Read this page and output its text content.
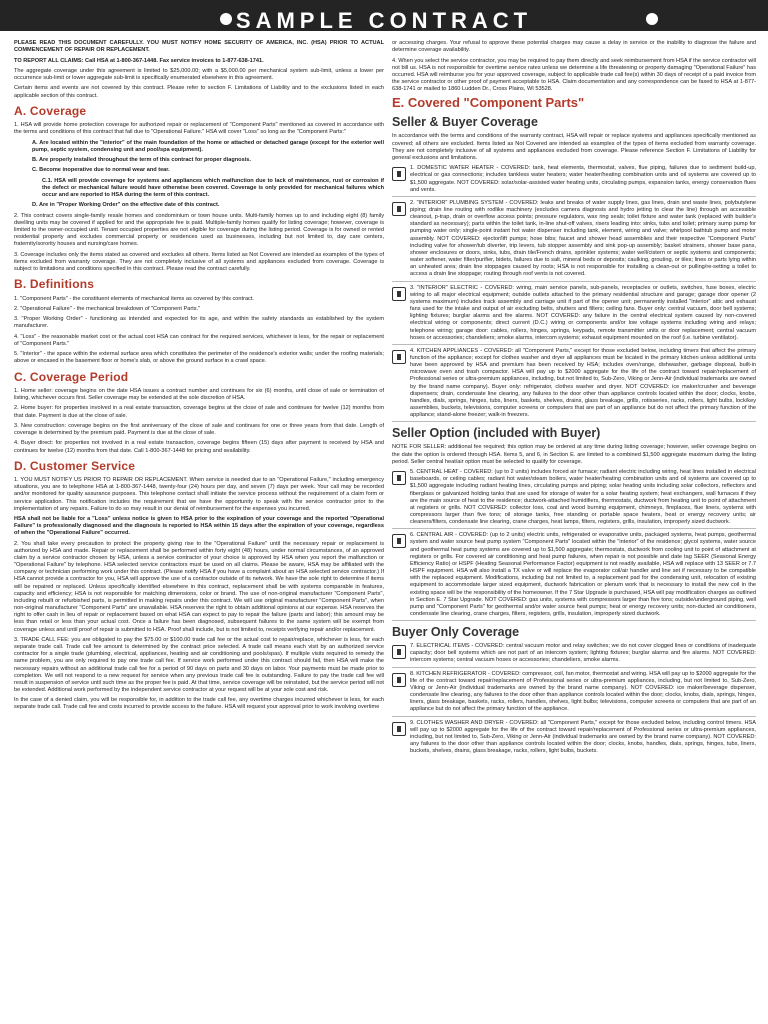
SAMPLE CONTRACT

PLEASE READ THIS DOCUMENT CAREFULLY. YOU MUST NOTIFY HOME SECURITY OF AMERICA, INC. (HSA) PRIOR TO ACTUAL COMMENCEMENT OF REPAIR OR REPLACEMENT.

TO REPORT ALL CLAIMS: Call HSA at 1-800-367-1448. Fax service invoices to 1-877-638-1741.

The aggregate coverage under this agreement is limited to $25,000.00; with a $5,000.00 per mechanical system sub-limit, unless a lower per occurrence sub-limit or lower aggregate sub-limit is specifically enumerated elsewhere in this agreement.

Certain items and events are not covered by this contract. Please refer to section F. Limitations of Liability and to the exclusions listed in each applicable section of this contract.

A. Coverage

1. HSA will provide home protection coverage for authorized repair or replacement of "Component Parts" mentioned as covered in accordance with the terms and conditions of this contract that fail due to "Operational Failure." HSA will cover "Loss" so long as the "Component Parts:"

A. Are located within the "interior" of the main foundation of the home or attached or detached garage (except for the exterior well pump, septic system, condensing unit and pool/spa equipment).

B. Are properly installed throughout the term of this contract for proper diagnosis.

C. Become inoperative due to normal wear and tear.

C.1. HSA will provide coverage for systems and appliances which malfunction due to lack of maintenance, rust or corrosion if the defect or mechanical failure would have otherwise been covered. Coverage is only provided for mechanical failures which occur and are reported to HSA during the term of this contract.

D. Are in "Proper Working Order" on the effective date of this contract.

2. This contract covers single-family resale homes and condominium or town house units. Multi-family homes up to and including eight (8) family dwelling units may be covered if applied for and the appropriate fee is paid. Multiple-family homes qualify for listing coverage; however, coverage is limited to the owner-occupied unit. Tenant occupied properties are not eligible for coverage during the listing period. Coverage is for owned or rented residential property and excludes commercial property or residences used as businesses, including but not limited to, day care centers, fraternity/sorority houses and nursing/care homes.

3. Coverage includes only the items stated as covered and excludes all others. Items listed as Not Covered are intended as examples of the types of items excluded from warranty coverage. They are not completely inclusive of all systems and appliances excluded from coverage. Coverage is subject to limitations and conditions specified in this contract. Please read the contract carefully.

B. Definitions

1. "Component Parts" - the constituent elements of mechanical items as covered by this contract.

2. "Operational Failure" - the mechanical breakdown of "Component Parts."

3. "Proper Working Order" - functioning as intended and expected for its age, and within the safety standards as established by the system manufacturer.

4. "Loss" - the reasonable market cost or the actual cost HSA can contract for the required services, whichever is less, for the repair or replacement of "Component Parts."

5. "Interior" - the space within the external surface area which constitutes the perimeter of the residence's exterior walls; under the roofing materials; above or encased in the basement floor or home's slab, or above the ground surface in a crawl space.

C. Coverage Period

1. Home seller: coverage begins on the date HSA issues a contract number and continues for six (6) months, until close of sale or termination of listing, whichever occurs first. Seller coverage may be extended at the sole discretion of HSA.

2. Home buyer: for properties involved in a real estate transaction, coverage begins at the close of sale and continues for twelve (12) months from that date. Payment is due at the close of sale.

3. New construction: coverage begins on the first anniversary of the close of sale and continues for one or three years from that date. Length of coverage is determined by the premium paid. Payment is due at the close of sale.

4. Buyer direct: for properties not involved in a real estate transaction, coverage begins fifteen (15) days after payment is received by HSA and continues for twelve (12) months from that date. Call 1-800-367-1448 for pricing and availability.

D. Customer Service

1. YOU MUST NOTIFY US PRIOR TO REPAIR OR REPLACEMENT. When service is needed due to an "Operational Failure," including emergency situations, you are to telephone HSA at 1-800-367-1448, twenty-four (24) hours per day, and seven (7) days per week. Your call may be recorded and/or monitored for quality assurance purposes. This telephone contact shall initiate the service process without the requirement of a claim form or service application. This notification includes the requirement that we have the opportunity to speak with the service contractor prior to the implementation of any repairs. Failure to do so may result in our denial of reimbursement for the expenses you incurred.

HSA shall not be liable for a "Loss" unless notice is given to HSA prior to the expiration of your coverage and the reported "Operational Failure" is professionally diagnosed and the diagnosis is reported to HSA within 15 days after the expiration of your coverage, regardless of when the "Operational Failure" occurred.

2. You shall take every precaution to protect the property giving rise to the "Operational Failure" until the necessary repair or replacement is authorized by HSA and made. Repair or replacement shall be performed within forty eight (48) hours, under normal circumstances, of an approved claim by a service contractor chosen by HSA, unless a service contractor of your choice is approved by HSA when you report the malfunction or "Operational Failure" by telephone. HSA selected service contractors must be used on all claims. Please be aware, HSA may be affiliated with the company or technician performing work under this contract. (Please notify HSA if you have a complaint about an HSA selected service contractor.) If HSA cannot provide a contractor for you, HSA will approve the use of a contractor outside of its network. We have the sole right to determine if items will be repaired or replaced. Unless specifically identified elsewhere in this contract, replacement shall be with systems comparable in features, capacity and efficiency; HSA is not responsible for matching dimensions, color or brand. The use of non-original manufacturer "Component Parts", including rebuilt or refurbished parts, is permitted in making repairs under this contract. We will use original manufacturer "Component Parts", when non-original manufacturer "Component Parts" are unavailable. HSA reserves the right to obtain additional opinions at our expense. HSA reserves the right to offer cash in lieu of repair or replacement based on what HSA can expect to pay to repair the failure (parts and labor); this amount may be less than retail or less than your actual cost. Once a failure has been diagnosed, subsequent failures to the same system will be exempt from coverage unless and until proof of repair is submitted to HSA. Proof shall include, but is not limited to, receipts verifying repair and/or replacement.

3. TRADE CALL FEE: you are obligated to pay the $75.00 or $100.00 trade call fee or the actual cost to repair/replace, whichever is less, for each separate trade call. Trade call fee amount is determined by the contract price selected. A trade call means each visit by an authorized service contractor for a single trade (plumbing, electrical, appliances, heating and air conditioning and pools/spas). If multiple visits required to remedy the same problem, you are only required to pay one trade call fee. If service work performed under this contract should fail, then HSA will make the necessary repairs without an additional trade call fee for a period of 90 days on parts and 30 days on labor. Your payments must be made prior to completion. We will not respond to a new request for service when any previous trade call fee is outstanding. Failure to pay the trade call fee will result in suspension of service until such time as the proper fee is paid. At that time, service coverage will be reinstated, but the service period will not be extended. Additional work performed by the independent service contractor at your request will be at your sole cost and risk.

In the case of a denied claim, you will be responsible for, in addition to the trade call fee, any overtime charges incurred whichever is less, for each separate trade call. Trade call fee and costs incurred to provide access to the failure. HSA will request your approval prior to work involving overtime

or accessing charges. Your refusal to approve these potential charges may cause a delay in service or the inability to diagnose the failure and determine coverage availability.

4. When you select the service contractor, you may be required to pay them directly and seek reimbursement from HSA if the service contractor will not bill us. HSA is not responsible for overtime service rates unless we determine a life threatening or property damaging "Operational Failure" has occurred. HSA will reimburse you for your approved coverage, subject to applicable trade call fee(s) within 30 days of receipt of a paid invoice from the service contractor or other proof of payment acceptable to HSA. Claim documentation and any correspondence can be faxed to HSA at 1-877-638-1741 or mailed to 1860 Ludden Dr., Cross Plains, WI 53528.

E. Covered "Component Parts"
Seller & Buyer Coverage

In accordance with the terms and conditions of the warranty contract, HSA will repair or replace systems and appliances specifically mentioned as covered; all others are excluded. Items listed as Not Covered are intended as examples of the types of items excluded from warranty coverage. They are not completely inclusive of all systems and appliances excluded from coverage. Please reference Section F. Limitations of Liability for general exclusions and limitations.

1. DOMESTIC WATER HEATER - COVERED: tank, heat elements, thermostat, valves, flue piping, failures due to sediment build-up, electrical or gas connections; includes tankless water heaters; water heater/heating combination units and oil systems are covered up to $1,500 aggregate. NOT COVERED: solar/solar-assisted water heating units, circulating pumps, expansion tanks, energy conservation flues and vents.
2. "INTERIOR" PLUMBING SYSTEM - COVERED: leaks and breaks of water supply lines, gas lines, drain and waste lines, polybutylene piping; drain line routing with rodlike machinery (excludes camera diagnosis and hydro jetting to clear the line) through an accessible cleanout, p-trap, drain or overflow access points; pressure regulators, wax ring seals; toilet fixture and water tank (replaced with builder's standard as necessary); parts within the toilet tank, in-line shut-off valves, risers leading into: sinks, tubs and toilet; primary sump pump for pumping water only; single-point instant hot water dispenser including tank, element, wiring and valve; whirlpool bathtub pump and motor assembly. NOT COVERED: ejector/lift pumps; hose bibs; faucet and shower head assemblies and their respective "Component Parts" including valve for shower/tub diverter, trip levers, tub stopper assembly and sink pop-up assembly; basket strainers, shower base pans, shower enclosures or doors, sinks, tubs, drain tile/French drains, sprinkler systems; water well/cistern or septic systems and components; water softener, water filter/purifier, bidets, failures due to salt, mineral beds or deposits; caulking, grouting, or tiles; lines or parts lying within an unheated area; drain line stoppages caused by roots; HSA is not responsible for installing a clean-out or pulling/re-setting a toilet to access a drain line stoppage; routing through roof vents is not covered.
3. "INTERIOR" ELECTRIC - COVERED: wiring, main service panels, sub-panels, receptacles or outlets, switches, fuse boxes, electric wiring to all major electrical equipment; outside outlets attached to the primary residential structure and garage; garage door opener (2 systems maximum) includes track assembly and carriage unit if part of the opener unit; permanently installed "interior" attic and exhaust fans used for the intake and output of air excluding belts, shutters and filters; ceiling fans. Buyer only: central vacuum, door bell systems; lighting fixtures; burglar alarms and fire alarms. NOT COVERED: any failure in the central electrical system caused by non-covered electrical wiring or components; direct current (D.C.) wiring or components and/or low voltage systems including wiring and relays; telephone wiring; garage door: cables, rollers, hinges, springs, keypads, remote transmitter units or door replacement; central vacuum hoses or accessories; chandeliers; smoke alarms, intercom systems; exhaust equipment mounted on the roof (i.e. turbine ventilator).
4. KITCHEN APPLIANCES - COVERED: all "Component Parts," except for those excluded below, including timers that affect the primary function of the appliance; except for clothes washer and dryer all appliances must be located in the primary kitchen unless additional units have been approved by HSA and premium has been received by HSA; includes oven/range, dishwasher, garbage disposal, built-in microwave oven and trash compactor. HSA will pay up to $2000 aggregate for the life of the contract toward repair/replacement of Professional series or ultra-premium appliances, including, but not limited to, Sub-Zero, Viking or Jenn-Air (individual trademarks are owned by the brand name company). Buyer only: refrigerator, clothes washer and dryer. NOT COVERED: ice maker/crusher and beverage dispensers; drain, condensate line clearing, any failures to the door other than appliance controls located within the door; clocks, knobs, handles, dials, springs, hinges, tubs, liners, baskets, shelves, drains, glass breakage, grills, rotisseries, racks, rollers, light bulbs, lock/key assemblies, buckets, televisions, computer screens or computers that are part of an appliance but do not affect the primary function of the appliance; stand-alone freezer; walk-in freezers.
Seller Option (included with Buyer)

NOTE FOR SELLER: additional fee required; this option may be ordered at any time during listing coverage; however, seller coverage begins on the date the option is ordered through HSA. Items 5, and 6, in Section E. are limited to a combined $1,500 aggregate maximum during the listing period. Seller central heat/air option must be selected to qualify for coverage.

5. CENTRAL HEAT - COVERED: (up to 2 units) includes forced air furnace; radiant electric including wiring, heat lines installed in electrical baseboards, or ceiling cables; radiant hot water/steam boilers, water heater/heating combination units and oil systems are covered up to $1,500 aggregate including radiant heating lines, circulating pumps and piping; solar heating units including solar collectors, reflectors and fiberglass or galvanized holding tanks that are used for storage of water for a solar heating system; heat exchangers, wall furnaces if they are the main source of heat to the residence; ductwork-attached humidifiers, thermostats, ductwork from heating unit to point of attachment at registers or grills. NOT COVERED: collector loss, coal and wood burning equipment, chimneys, fireplaces, flue liners, systems with compressors larger than five tons; oil storage tanks, free standing or portable space heaters, heat or energy recovery units; air cleaners/filters, condensate line clearing, crane charges, heat lamps, filters, registers, grills, insulation, improperly sized ductwork.
6. CENTRAL AIR - COVERED: (up to 2 units) electric units, refrigerated or evaporative units, packaged systems, heat pumps, geothermal system and water source heat pump system "Component Parts" located within the "interior" of the residence; glycol systems, water source and geothermal heat pump systems are covered up to $1,500 aggregate; thermostats, ductwork from cooling unit to point of attachment at registers or grills. For covered air conditioning and heat pump failures, when repair is not possible and date tag SEER (Seasonal Energy Efficiency Ratio) or HSPF (Heating Seasonal Performance Factor) equipment is not readily available, HSA will replace with 13 SEER or 7.7 HSPF equipment. HSA will also install a TX valve or will replace the evaporator coil/air handler and line set if necessary to be compatible with the replaced equipment. Modifications, including but not limited to, a replacement pad for the condensing unit, relocation of existing equipment to accommodate larger sized equipment, ductwork fabrication or plenum work that is necessary to install the new coil in the existing space will be the responsibility of the homeowner. If the 7 Star Upgrade is purchased, HSA will pay modification charges as outlined in Section E. 7 Star Upgrade. NOT COVERED: gas units, systems with compressors larger than five tons; outside/underground piping, well pump and "Component Parts" for geothermal and/or water source heat pumps; heat or energy recovery units; non-ducted air conditioners, condensate line clearing, crane charges, filters, registers, grills, insulation, improperly sized ductwork.
Buyer Only Coverage
7. ELECTRICAL ITEMS - COVERED: central vacuum motor and relay switches; we do not cover clogged lines or conditions of inadequate capacity; door bell systems which are not part of an intercom system; lighting fixtures; burglar alarms and fire alarms. NOT COVERED: intercom systems; central vacuum hoses or accessories; chandeliers, smoke alarms.
8. KITCHEN REFRIGERATOR - COVERED: compressor, coil, fan motor, thermostat and wiring. HSA will pay up to $2000 aggregate for the life of the contract toward repair/replacement of Professional series or ultra-premium appliances, including, but not limited to, Sub-Zero, Viking or Jenn-Air (individual trademarks are owned by the brand name company). NOT COVERED: ice maker/beverage dispenser, condensate line clearing, any failures to the door other than appliance controls located within the door; clocks, knobs, dials, springs, hinges, liners, glass breakage, baskets, racks, rollers, handles, shelves, light bulbs; televisions, computer screens or computers that are part of an appliance but do not affect the primary function of the appliance.
9. CLOTHES WASHER AND DRYER - COVERED: all "Component Parts," except for those excluded below, including control timers. HSA will pay up to $2000 aggregate for the life of the contract toward repair/replacement of Professional series or ultra-premium appliances, including, but not limited to, Sub-Zero, Viking or Jenn-Air (individual trademarks are owned by the brand name company). NOT COVERED: any failures to the door other than appliance controls located within the door; clocks, knobs, handles, dials, springs, hinges, tubs, liners, buckets, shelves, drains, glass breakage, racks, rollers, light bulbs, buckets.
